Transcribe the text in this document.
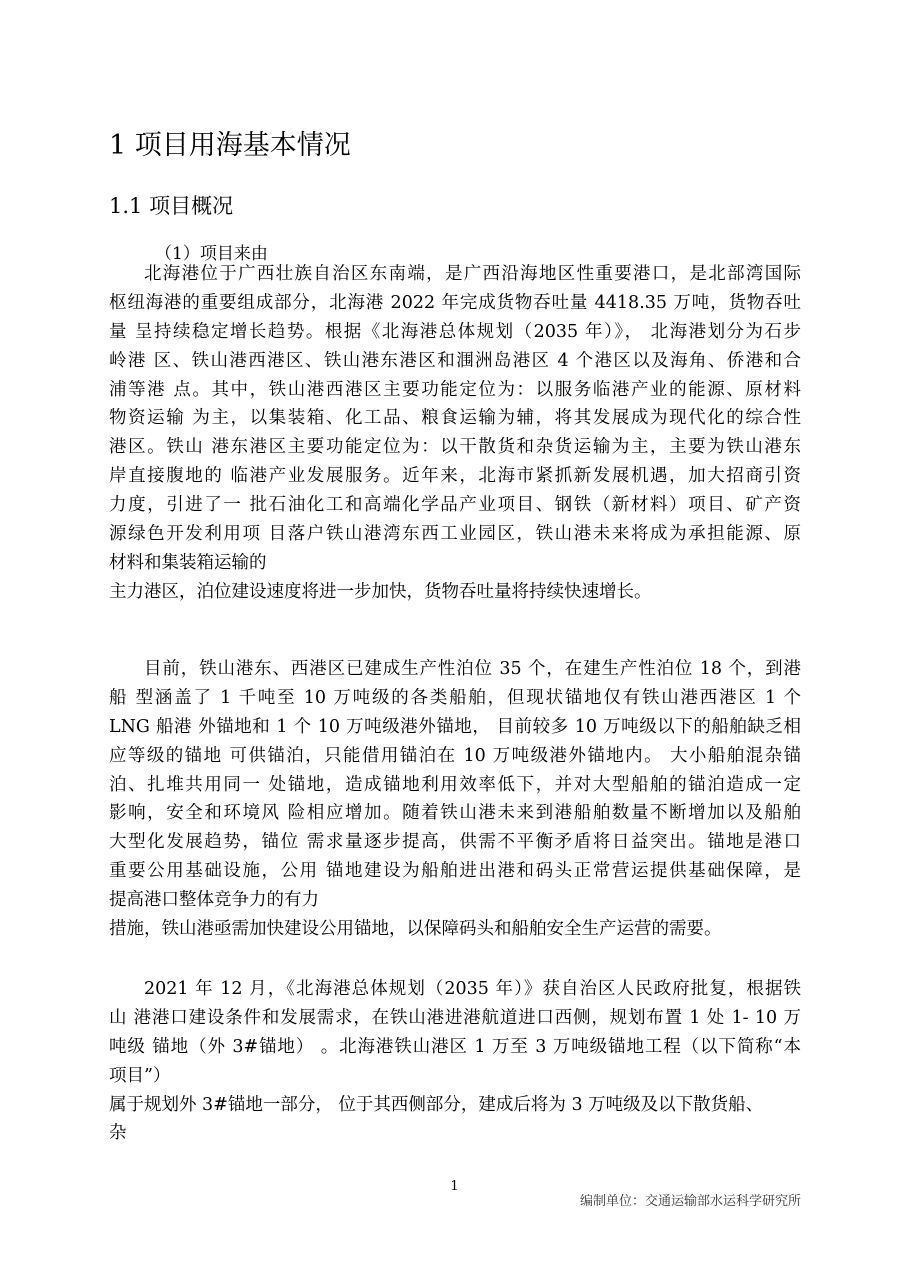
1 项目用海基本情况
1.1 项目概况

（1）项目来由

北海港位于广西壮族自治区东南端，是广西沿海地区性重要港口，是北部湾国际
枢纽海港的重要组成部分，北海港 2022 年完成货物吞吐量 4418.35 万吨，货物吞吐
量 呈持续稳定增长趋势。根据《北海港总体规划（2035 年）》， 北海港划分为石步
岭港 区、铁山港西港区、铁山港东港区和涠洲岛港区 4 个港区以及海角、侨港和合
浦等港 点。其中，铁山港西港区主要功能定位为：以服务临港产业的能源、原材料
物资运输 为主，以集装箱、化工品、粮食运输为辅，将其发展成为现代化的综合性
港区。铁山 港东港区主要功能定位为：以干散货和杂货运输为主，主要为铁山港东
岸直接腹地的 临港产业发展服务。近年来，北海市紧抓新发展机遇，加大招商引资
力度，引进了一 批石油化工和高端化学品产业项目、钢铁（新材料）项目、矿产资
源绿色开发利用项 目落户铁山港湾东西工业园区，铁山港未来将成为承担能源、原
材料和集装箱运输的
主力港区，泊位建设速度将进一步加快，货物吞吐量将持续快速增长。
目前，铁山港东、西港区已建成生产性泊位 35 个，在建生产性泊位 18 个，到港
船 型涵盖了 1 千吨至 10 万吨级的各类船舶，但现状锚地仅有铁山港西港区 1 个
LNG 船港 外锚地和 1 个 10 万吨级港外锚地， 目前较多 10 万吨级以下的船舶缺乏相
应等级的锚地 可供锚泊，只能借用锚泊在 10 万吨级港外锚地内。 大小船舶混杂锚
泊、扎堆共用同一 处锚地，造成锚地利用效率低下，并对大型船舶的锚泊造成一定
影响，安全和环境风 险相应增加。随着铁山港未来到港船舶数量不断增加以及船舶
大型化发展趋势，锚位 需求量逐步提高，供需不平衡矛盾将日益突出。锚地是港口
重要公用基础设施，公用 锚地建设为船舶进出港和码头正常营运提供基础保障，是
提高港口整体竞争力的有力
措施，铁山港亟需加快建设公用锚地，以保障码头和船舶安全生产运营的需要。
2021 年 12 月，《北海港总体规划（2035 年）》获自治区人民政府批复，根据铁
山 港港口建设条件和发展需求，在铁山港进港航道进口西侧，规划布置 1 处 1- 10 万
吨级 锚地（外 3#锚地） 。北海港铁山港区 1 万至 3 万吨级锚地工程（以下简称“本
项目”）
属于规划外 3#锚地一部分， 位于其西侧部分，建成后将为 3 万吨级及以下散货船、
杂
1
编制单位：交通运输部水运科学研究所
